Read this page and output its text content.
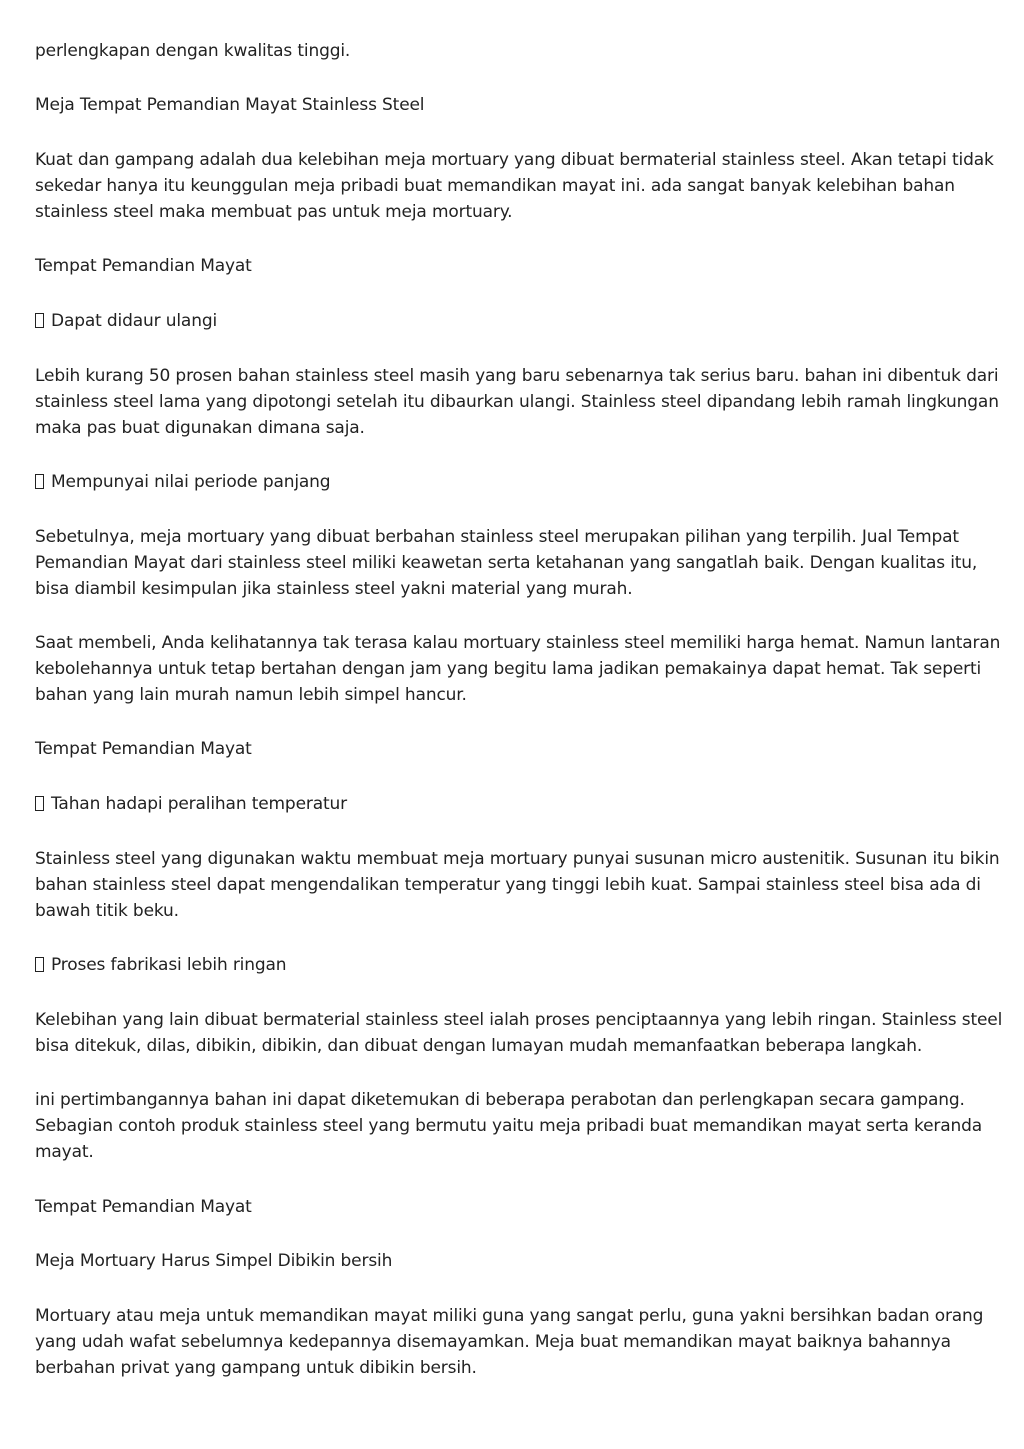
perlengkapan dengan kwalitas tinggi.
Meja Tempat Pemandian Mayat Stainless Steel
Kuat dan gampang adalah dua kelebihan meja mortuary yang dibuat bermaterial stainless steel. Akan tetapi tidak
sekedar hanya itu keunggulan meja pribadi buat memandikan mayat ini. ada sangat banyak kelebihan bahan
stainless steel maka membuat pas untuk meja mortuary.
Tempat Pemandian Mayat
Dapat didaur ulangi
Lebih kurang 50 prosen bahan stainless steel masih yang baru sebenarnya tak serius baru. bahan ini dibentuk dari
stainless steel lama yang dipotongi setelah itu dibaurkan ulangi. Stainless steel dipandang lebih ramah lingkungan
maka pas buat digunakan dimana saja.
Mempunyai nilai periode panjang
Sebetulnya, meja mortuary yang dibuat berbahan stainless steel merupakan pilihan yang terpilih. Jual Tempat
Pemandian Mayat dari stainless steel miliki keawetan serta ketahanan yang sangatlah baik. Dengan kualitas itu,
bisa diambil kesimpulan jika stainless steel yakni material yang murah.
Saat membeli, Anda kelihatannya tak terasa kalau mortuary stainless steel memiliki harga hemat. Namun lantaran
kebolehannya untuk tetap bertahan dengan jam yang begitu lama jadikan pemakainya dapat hemat. Tak seperti
bahan yang lain murah namun lebih simpel hancur.
Tempat Pemandian Mayat
Tahan hadapi peralihan temperatur
Stainless steel yang digunakan waktu membuat meja mortuary punyai susunan micro austenitik. Susunan itu bikin
bahan stainless steel dapat mengendalikan temperatur yang tinggi lebih kuat. Sampai stainless steel bisa ada di
bawah titik beku.
Proses fabrikasi lebih ringan
Kelebihan yang lain dibuat bermaterial stainless steel ialah proses penciptaannya yang lebih ringan. Stainless steel
bisa ditekuk, dilas, dibikin, dibikin, dan dibuat dengan lumayan mudah memanfaatkan beberapa langkah.
ini pertimbangannya bahan ini dapat diketemukan di beberapa perabotan dan perlengkapan secara gampang.
Sebagian contoh produk stainless steel yang bermutu yaitu meja pribadi buat memandikan mayat serta keranda
mayat.
Tempat Pemandian Mayat
Meja Mortuary Harus Simpel Dibikin bersih
Mortuary atau meja untuk memandikan mayat miliki guna yang sangat perlu, guna yakni bersihkan badan orang
yang udah wafat sebelumnya kedepannya disemayamkan. Meja buat memandikan mayat baiknya bahannya
berbahan privat yang gampang untuk dibikin bersih.
